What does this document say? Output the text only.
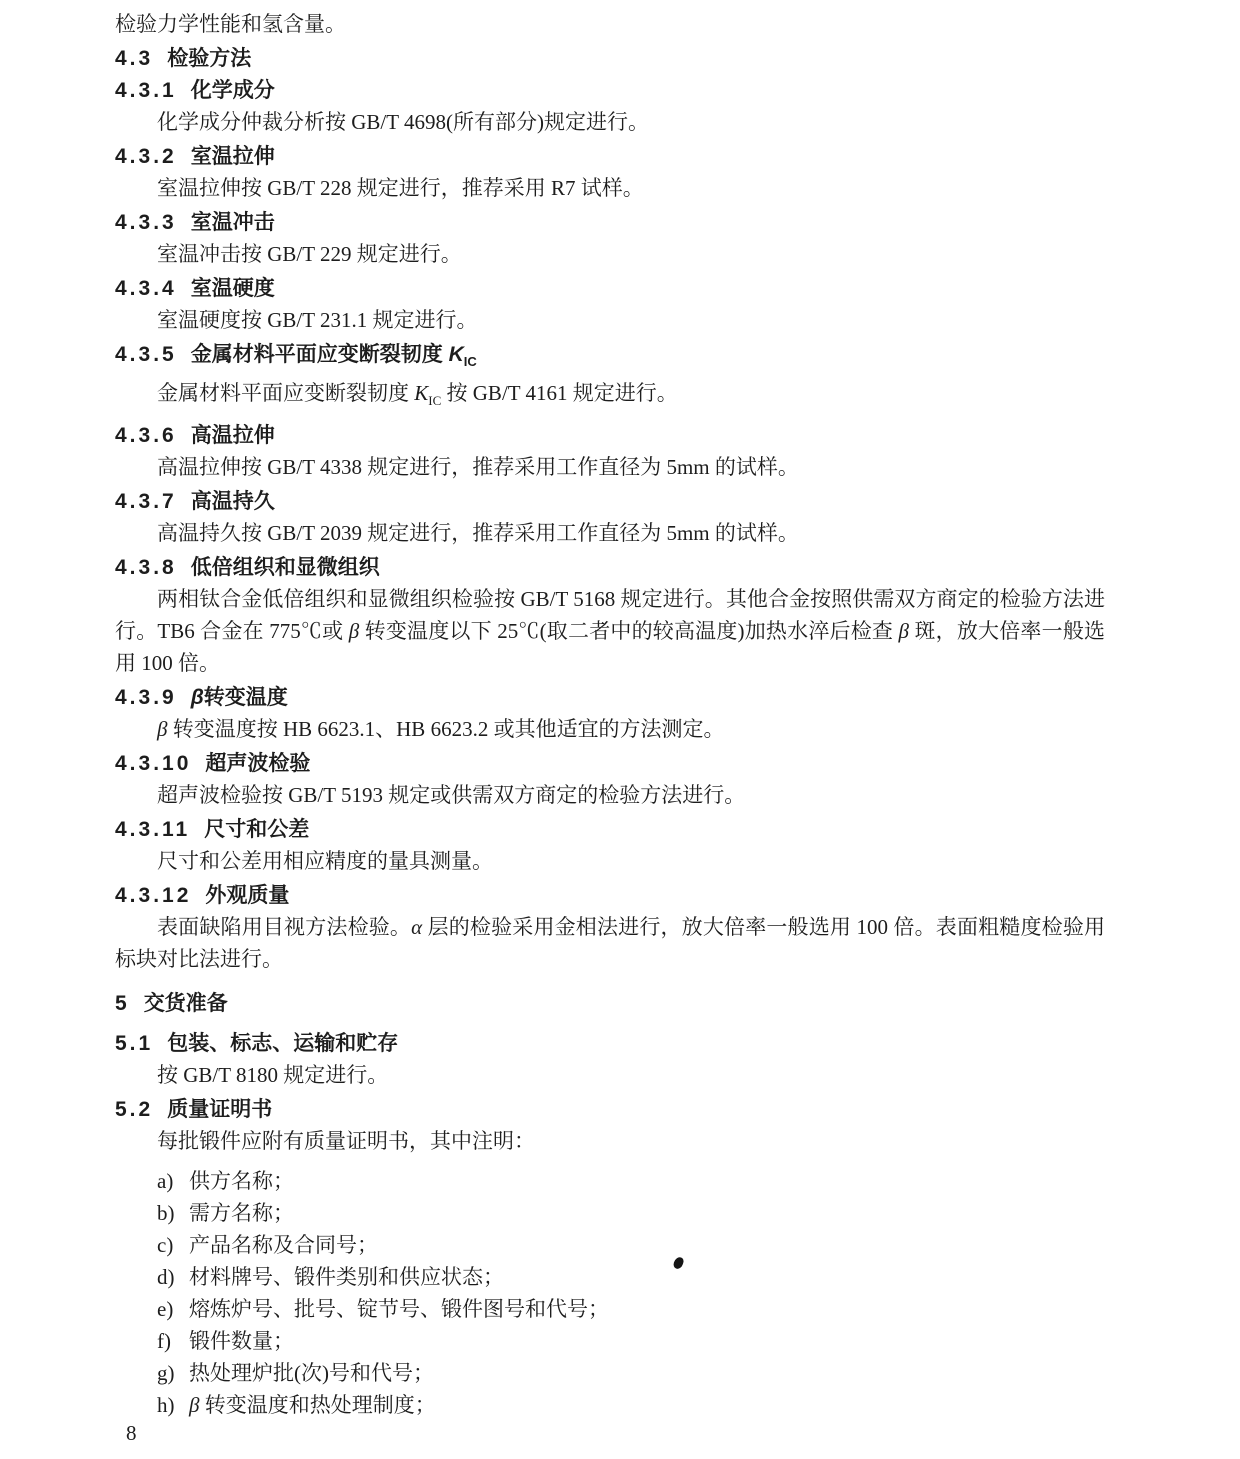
检验力学性能和氢含量。

4.3 检验方法
4.3.1 化学成分

化学成分仲裁分析按 GB/T 4698(所有部分)规定进行。

4.3.2 室温拉伸

室温拉伸按 GB/T 228 规定进行，推荐采用 R7 试样。

4.3.3 室温冲击

室温冲击按 GB/T 229 规定进行。

4.3.4 室温硬度

室温硬度按 GB/T 231.1 规定进行。

4.3.5 金属材料平面应变断裂韧度 $K_{IC}$

金属材料平面应变断裂韧度 $K_{IC}$ 按 GB/T 4161 规定进行。

4.3.6 高温拉伸

高温拉伸按 GB/T 4338 规定进行，推荐采用工作直径为 5mm 的试样。

4.3.7 高温持久

高温持久按 GB/T 2039 规定进行，推荐采用工作直径为 5mm 的试样。

4.3.8 低倍组织和显微组织

两相钛合金低倍组织和显微组织检验按 GB/T 5168 规定进行。其他合金按照供需双方商定的检验方法进行。TB6 合金在 775℃或 β 转变温度以下 25℃(取二者中的较高温度)加热水淬后检查 β 斑，放大倍率一般选用 100 倍。

4.3.9 β转变温度

β 转变温度按 HB 6623.1、HB 6623.2 或其他适宜的方法测定。

4.3.10 超声波检验

超声波检验按 GB/T 5193 规定或供需双方商定的检验方法进行。

4.3.11 尺寸和公差

尺寸和公差用相应精度的量具测量。

4.3.12 外观质量

表面缺陷用目视方法检验。α 层的检验采用金相法进行，放大倍率一般选用 100 倍。表面粗糙度检验用标块对比法进行。

5 交货准备
5.1 包装、标志、运输和贮存

按 GB/T 8180 规定进行。

5.2 质量证明书

每批锻件应附有质量证明书，其中注明：

a) 供方名称；
b) 需方名称；
c) 产品名称及合同号；
d) 材料牌号、锻件类别和供应状态；
e) 熔炼炉号、批号、锭节号、锻件图号和代号；
f) 锻件数量；
g) 热处理炉批(次)号和代号；
h) β 转变温度和热处理制度；
8
